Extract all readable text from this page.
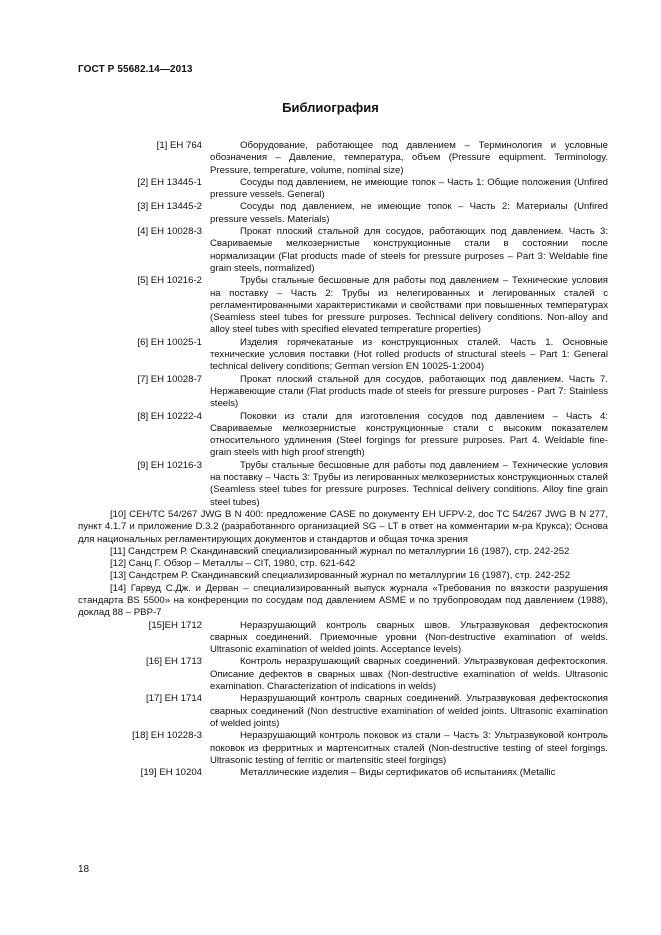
ГОСТ Р 55682.14—2013
Библиография
[1] ЕН 764	Оборудование, работающее под давлением – Терминология и условные обозначения – Давление, температура, объем (Pressure equipment. Terminology. Pressure, temperature, volume, nominal size)
[2] ЕН 13445-1	Сосуды под давлением, не имеющие топок – Часть 1: Общие положения (Unfired pressure vessels. General)
[3] ЕН 13445-2	Сосуды под давлением, не имеющие топок – Часть 2: Материалы (Unfired pressure vessels. Materials)
[4] ЕН 10028-3	Прокат плоский стальной для сосудов, работающих под давлением. Часть 3: Свариваемые мелкозернистые конструкционные стали в состоянии после нормализации (Flat products made of steels for pressure purposes – Part 3: Weldable fine grain steels, normalized)
[5] ЕН 10216-2	Трубы стальные бесшовные для работы под давлением – Технические условия на поставку – Часть 2: Трубы из нелегированных и легированных сталей с регламентированными характеристиками и свойствами при повышенных температурах (Seamless steel tubes for pressure purposes. Technical delivery conditions. Non-alloy and alloy steel tubes with specified elevated temperature properties)
[6] ЕН 10025-1	Изделия горячекатаные из конструкционных сталей. Часть 1. Основные технические условия поставки (Hot rolled products of structural steels – Part 1: General technical delivery conditions; German version EN 10025-1:2004)
[7] ЕН 10028-7	Прокат плоский стальной для сосудов, работающих под давлением. Часть 7. Нержавеющие стали (Flat products made of steels for pressure purposes - Part 7: Stainless steels)
[8] ЕН 10222-4	Поковки из стали для изготовления сосудов под давлением – Часть 4: Свариваемые мелкозернистые конструкционные стали с высоким показателем относительного удлинения (Steel forgings for pressure purposes. Part 4. Weldable fine-grain steels with high proof strength)
[9] ЕН 10216-3	Трубы стальные бесшовные для работы под давлением – Технические условия на поставку – Часть 3: Трубы из легированных мелкозернистых конструкционных сталей (Seamless steel tubes for pressure purposes. Technical delivery conditions. Alloy fine grain steel tubes)

[10] CEH/TC 54/267 JWG B N 400: предложение CASE по документу ЕН UFPV-2, doc TC 54/267 JWG B N 277, пункт 4.1.7 и приложение D.3.2 (разработанного организацией SG – LT в ответ на комментарии м-ра Крукса); Основа для национальных регламентирующих документов и стандартов и общая точка зрения

[11] Сандстрем Р. Скандинавский специализированный журнал по металлургии 16 (1987), стр. 242-252

[12] Санц Г. Обзор – Металлы – CIT, 1980, стр. 621-642

[13] Сандстрем Р. Скандинавский специализированный журнал по металлургии 16 (1987), стр. 242-252

[14] Гарвуд С.Дж. и Дерван – специализированный выпуск журнала «Требования по вязкости разрушения стандарта BS 5500» на конференции по сосудам под давлением ASME и по трубопроводам под давлением (1988), доклад 88 – PBP-7

[15]ЕН 1712	Неразрушающий контроль сварных швов. Ультразвуковая дефектоскопия сварных соединений. Приемочные уровни (Non-destructive examination of welds. Ultrasonic examination of welded joints. Acceptance levels)
[16] ЕН 1713	Контроль неразрушающий сварных соединений. Ультразвуковая дефектоскопия. Описание дефектов в сварных швах (Non-destructive examination of welds. Ultrasonic examination. Characterization of indications in welds)
[17] ЕН 1714	Неразрушающий контроль сварных соединений. Ультразвуковая дефектоскопия сварных соединений (Non destructive examination of welded joints. Ultrasonic examination of welded joints)
[18] ЕН 10228-3	Неразрушающий контроль поковок из стали – Часть 3: Ультразвуковой контроль поковок из ферритных и мартенситных сталей (Non-destructive testing of steel forgings. Ultrasonic testing of ferritic or martensitic steel forgings)
[19] ЕН 10204	Металлические изделия – Виды сертификатов об испытаниях (Metallic
18
